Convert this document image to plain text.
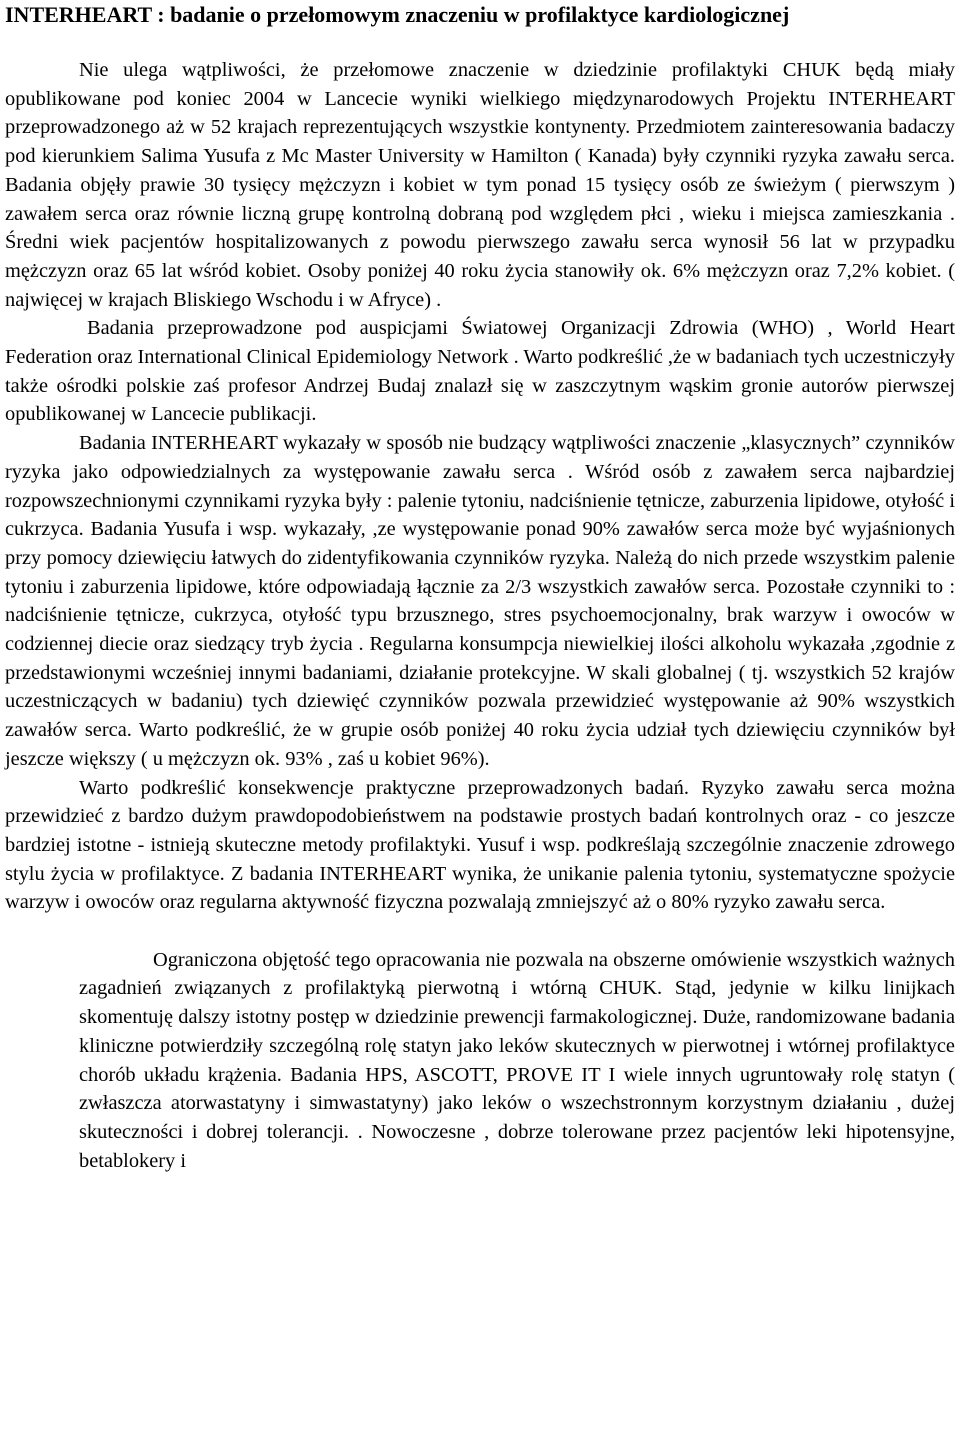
INTERHEART : badanie o przełomowym znaczeniu w profilaktyce kardiologicznej

Nie ulega wątpliwości, że przełomowe znaczenie w dziedzinie profilaktyki CHUK będą miały opublikowane pod koniec 2004 w Lancecie wyniki wielkiego międzynarodowych Projektu INTERHEART przeprowadzonego aż w 52 krajach reprezentujących wszystkie kontynenty. Przedmiotem zainteresowania badaczy pod kierunkiem Salima Yusufa z Mc Master University w Hamilton ( Kanada) były czynniki ryzyka zawału serca. Badania objęły prawie 30 tysięcy mężczyzn i kobiet w tym ponad 15 tysięcy osób ze świeżym ( pierwszym ) zawałem serca oraz równie liczną grupę kontrolną dobraną pod względem płci , wieku i miejsca zamieszkania . Średni wiek pacjentów hospitalizowanych z powodu pierwszego zawału serca wynosił 56 lat w przypadku mężczyzn oraz 65 lat wśród kobiet. Osoby poniżej 40 roku życia stanowiły ok. 6% mężczyzn oraz 7,2% kobiet. ( najwięcej w krajach Bliskiego Wschodu i w Afryce) .

Badania przeprowadzone pod auspicjami Światowej Organizacji Zdrowia (WHO) , World Heart Federation oraz International Clinical Epidemiology Network . Warto podkreślić ,że w badaniach tych uczestniczyły także ośrodki polskie zaś profesor Andrzej Budaj znalazł się w zaszczytnym wąskim gronie autorów pierwszej opublikowanej w Lancecie publikacji.

Badania INTERHEART wykazały w sposób nie budzący wątpliwości znaczenie „klasycznych” czynników ryzyka jako odpowiedzialnych za występowanie zawału serca . Wśród osób z zawałem serca najbardziej rozpowszechnionymi czynnikami ryzyka były : palenie tytoniu, nadciśnienie tętnicze, zaburzenia lipidowe, otyłość i cukrzyca. Badania Yusufa i wsp. wykazały, ,ze występowanie ponad 90% zawałów serca może być wyjaśnionych przy pomocy dziewięciu łatwych do zidentyfikowania czynników ryzyka. Należą do nich przede wszystkim palenie tytoniu i zaburzenia lipidowe, które odpowiadają łącznie za 2/3 wszystkich zawałów serca. Pozostałe czynniki to : nadciśnienie tętnicze, cukrzyca, otyłość typu brzusznego, stres psychoemocjonalny, brak warzyw i owoców w codziennej diecie oraz siedzący tryb życia . Regularna konsumpcja niewielkiej ilości alkoholu wykazała ,zgodnie z przedstawionymi wcześniej innymi badaniami, działanie protekcyjne. W skali globalnej ( tj. wszystkich 52 krajów uczestniczących w badaniu) tych dziewięć czynników pozwala przewidzieć występowanie aż 90% wszystkich zawałów serca. Warto podkreślić, że w grupie osób poniżej 40 roku życia udział tych dziewięciu czynników był jeszcze większy ( u mężczyzn ok. 93% , zaś u kobiet 96%).

Warto podkreślić konsekwencje praktyczne przeprowadzonych badań. Ryzyko zawału serca można przewidzieć z bardzo dużym prawdopodobieństwem na podstawie prostych badań kontrolnych oraz - co jeszcze bardziej istotne - istnieją skuteczne metody profilaktyki. Yusuf i wsp. podkreślają szczególnie znaczenie zdrowego stylu życia w profilaktyce. Z badania INTERHEART wynika, że unikanie palenia tytoniu, systematyczne spożycie warzyw i owoców oraz regularna aktywność fizyczna pozwalają zmniejszyć aż o 80% ryzyko zawału serca.

Ograniczona objętość tego opracowania nie pozwala na obszerne omówienie wszystkich ważnych zagadnień związanych z profilaktyką pierwotną i wtórną CHUK. Stąd, jedynie w kilku linijkach skomentuję dalszy istotny postęp w dziedzinie prewencji farmakologicznej. Duże, randomizowane badania kliniczne potwierdziły szczególną rolę statyn jako leków skutecznych w pierwotnej i wtórnej profilaktyce chorób układu krążenia. Badania HPS, ASCOTT, PROVE IT I wiele innych ugruntowały rolę statyn ( zwłaszcza atorwastatyny i simwastatyny) jako leków o wszechstronnym korzystnym działaniu , dużej skuteczności i dobrej tolerancji. . Nowoczesne , dobrze tolerowane przez pacjentów leki hipotensyjne, betablokery i
